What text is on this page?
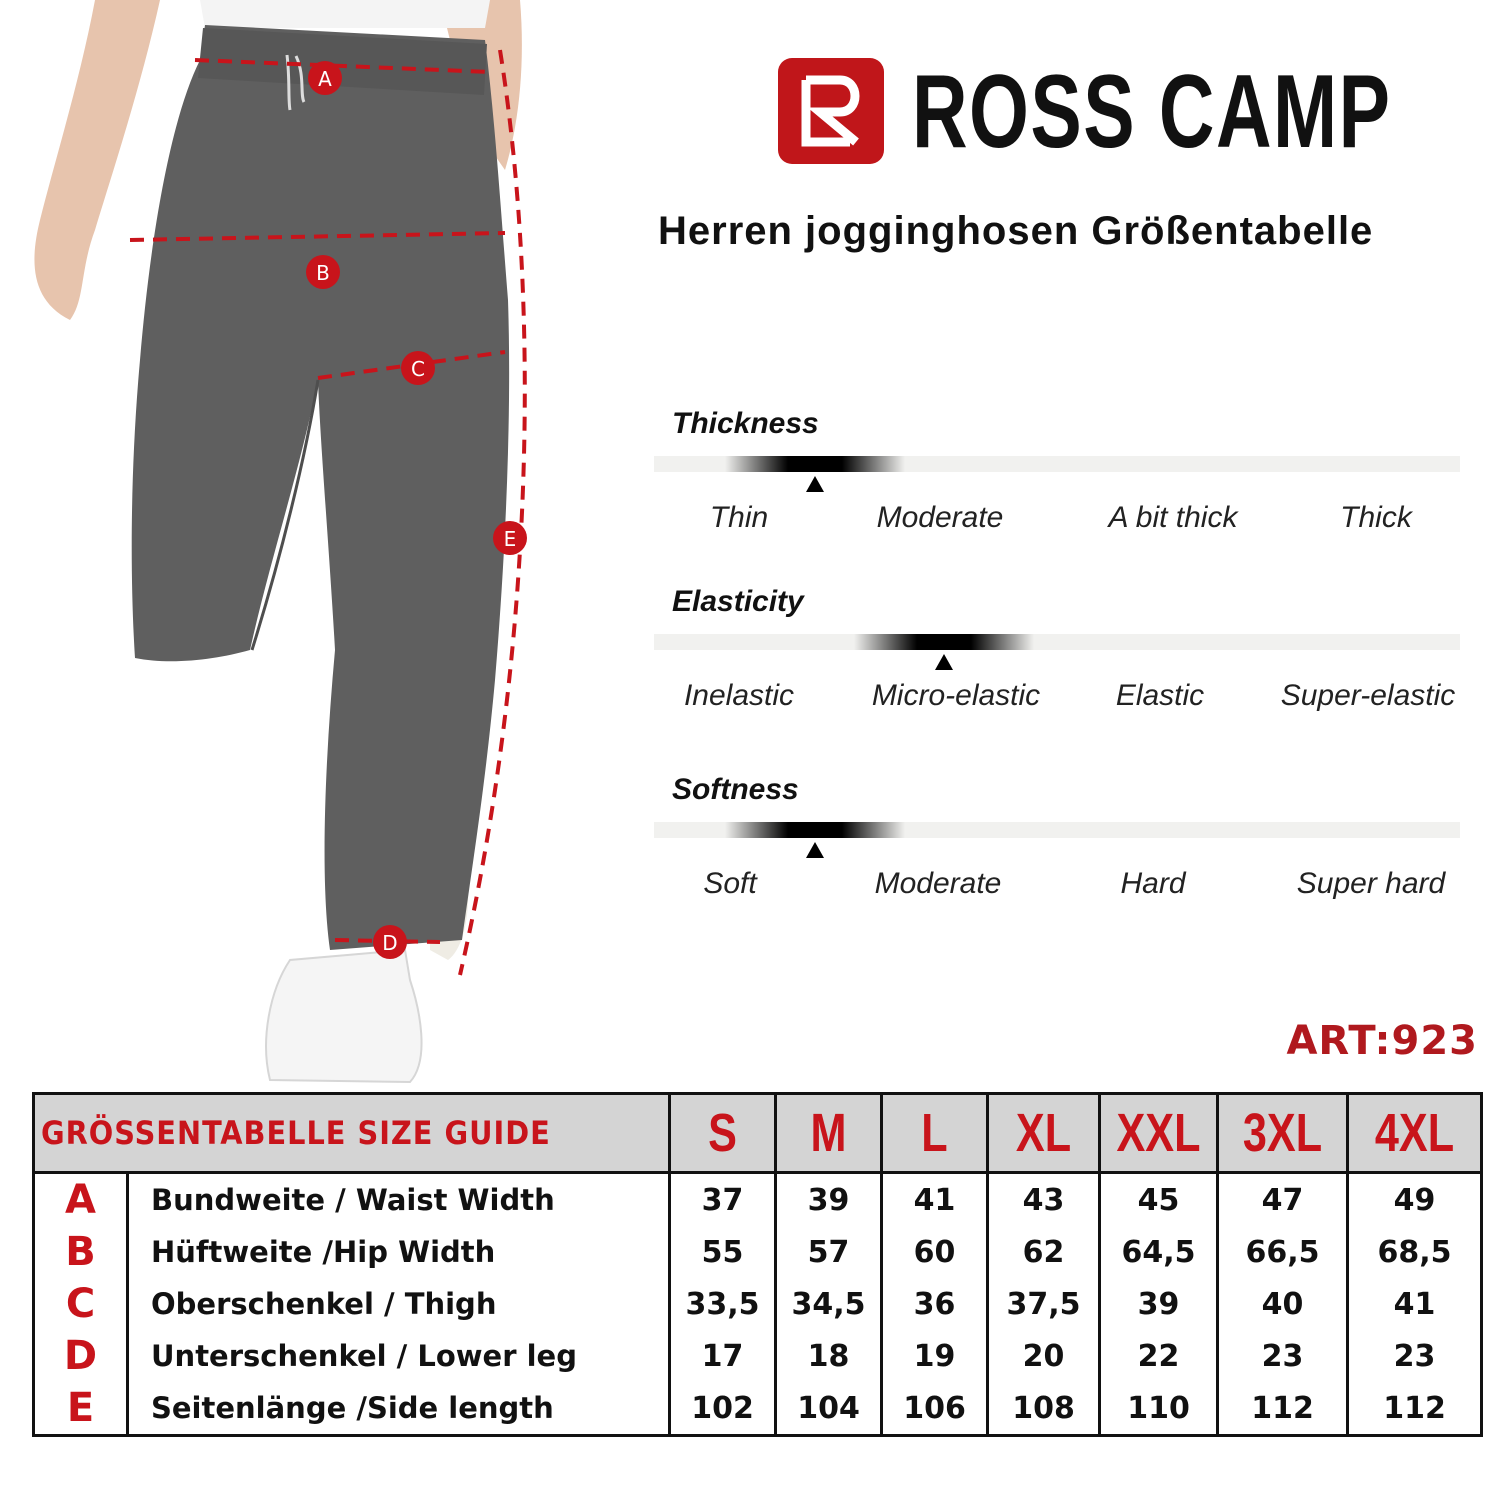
A
B
C
D
E
ROSS CAMP
Herren jogginghosen Größentabelle
Thickness
Thin	Moderate	A bit thick	Thick
Elasticity
Inelastic	Micro-elastic	Elastic	Super-elastic
Softness
Soft	Moderate	Hard	Super hard
ART:923
GRÖSSENTABELLE SIZE GUIDE		S	M	L	XL	XXL	3XL	4XL

A	Bundweite / Waist Width	37	39	41	43	45	47	49
B	Hüftweite /Hip Width	55	57	60	62	64,5	66,5	68,5
C	Oberschenkel / Thigh	33,5	34,5	36	37,5	39	40	41
D	Unterschenkel / Lower leg	17	18	19	20	22	23	23
E	Seitenlänge /Side length	102	104	106	108	110	112	112
